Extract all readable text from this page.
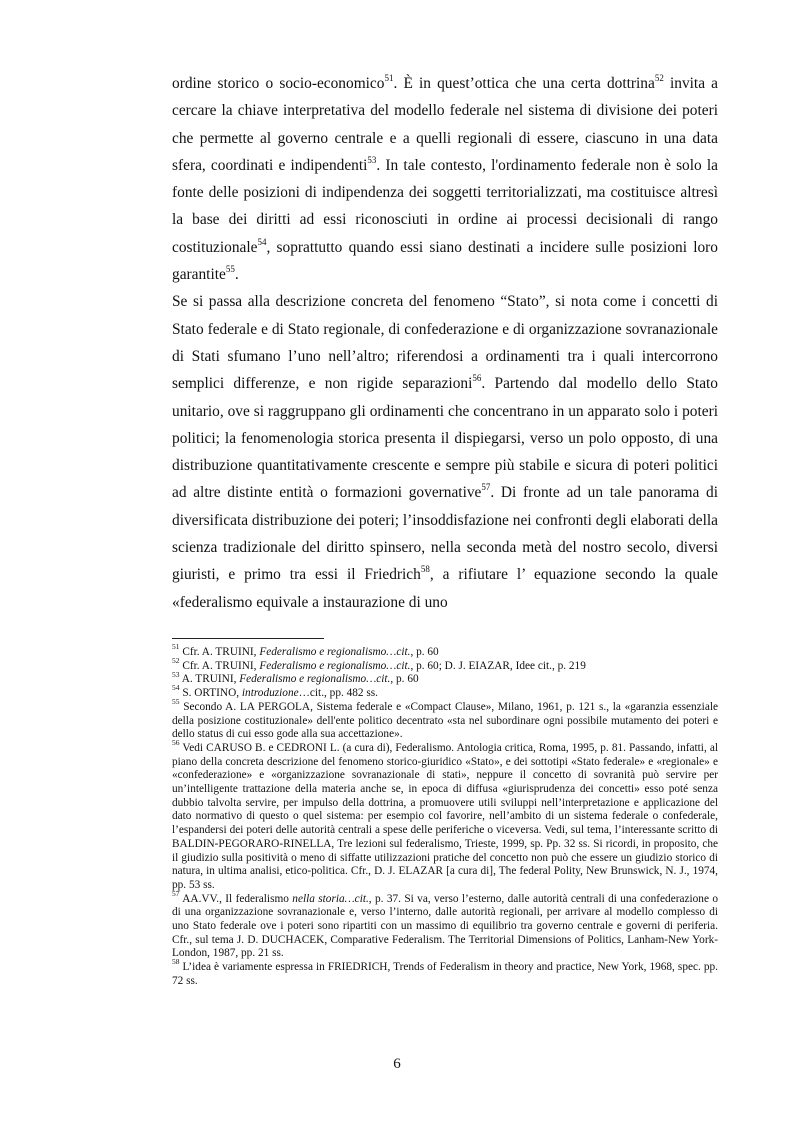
ordine storico o socio-economico$^{51}$. È in quest’ottica che una certa dottrina$^{52}$ invita a cercare la chiave interpretativa del modello federale nel sistema di divisione dei poteri che permette al governo centrale e a quelli regionali di essere, ciascuno in una data sfera, coordinati e indipendenti$^{53}$. In tale contesto, l'ordinamento federale non è solo la fonte delle posizioni di indipendenza dei soggetti territorializzati, ma costituisce altresì la base dei diritti ad essi riconosciuti in ordine ai processi decisionali di rango costituzionale$^{54}$, soprattutto quando essi siano destinati a incidere sulle posizioni loro garantite$^{55}$.

Se si passa alla descrizione concreta del fenomeno “Stato”, si nota come i concetti di Stato federale e di Stato regionale, di confederazione e di organizzazione sovranazionale di Stati sfumano l’uno nell’altro; riferendosi a ordinamenti tra i quali intercorrono semplici differenze, e non rigide separazioni$^{56}$. Partendo dal modello dello Stato unitario, ove si raggruppano gli ordinamenti che concentrano in un apparato solo i poteri politici; la fenomenologia storica presenta il dispiegarsi, verso un polo opposto, di una distribuzione quantitativamente crescente e sempre più stabile e sicura di poteri politici ad altre distinte entità o formazioni governative$^{57}$. Di fronte ad un tale panorama di diversificata distribuzione dei poteri; l’insoddisfazione nei confronti degli elaborati della scienza tradizionale del diritto spinsero, nella seconda metà del nostro secolo, diversi giuristi, e primo tra essi il Friedrich$^{58}$, a rifiutare l’ equazione secondo la quale «federalismo equivale a instaurazione di uno

$^{51}$ Cfr. A. TRUINI, Federalismo e regionalismo…cit., p. 60

$^{52}$ Cfr. A. TRUINI, Federalismo e regionalismo…cit., p. 60; D. J. EIAZAR, Idee cit., p. 219

$^{53}$ A. TRUINI, Federalismo e regionalismo…cit., p. 60

$^{54}$ S. ORTINO, introduzione…cit., pp. 482 ss.

$^{55}$ Secondo A. LA PERGOLA, Sistema federale e «Compact Clause», Milano, 1961, p. 121 s., la «garanzia essenziale della posizione costituzionale» dell'ente politico decentrato «sta nel subordinare ogni possibile mutamento dei poteri e dello status di cui esso gode alla sua accettazione».

$^{56}$ Vedi CARUSO B. e CEDRONI L. (a cura di), Federalismo. Antologia critica, Roma, 1995, p. 81. Passando, infatti, al piano della concreta descrizione del fenomeno storico-giuridico «Stato», e dei sottotipi «Stato federale» e «regionale» e «confederazione» e «organizzazione sovranazionale di stati», neppure il concetto di sovranità può servire per un’intelligente trattazione della materia anche se, in epoca di diffusa «giurisprudenza dei concetti» esso poté senza dubbio talvolta servire, per impulso della dottrina, a promuovere utili sviluppi nell’interpretazione e applicazione del dato normativo di questo o quel sistema: per esempio col favorire, nell’ambito di un sistema federale o confederale, l’espandersi dei poteri delle autorità centrali a spese delle periferiche o viceversa. Vedi, sul tema, l’interessante scritto di BALDIN-PEGORARO-RINELLA, Tre lezioni sul federalismo, Trieste, 1999, sp. Pp. 32 ss. Si ricordi, in proposito, che il giudizio sulla positività o meno di siffatte utilizzazioni pratiche del concetto non può che essere un giudizio storico di natura, in ultima analisi, etico-politica. Cfr., D. J. ELAZAR [a cura di], The federal Polity, New Brunswick, N. J., 1974, pp. 53 ss.

$^{57}$ AA.VV., Il federalismo nella storia…cit., p. 37. Si va, verso l’esterno, dalle autorità centrali di una confederazione o di una organizzazione sovranazionale e, verso l’interno, dalle autorità regionali, per arrivare al modello complesso di uno Stato federale ove i poteri sono ripartiti con un massimo di equilibrio tra governo centrale e governi di periferia. Cfr., sul tema J. D. DUCHACEK, Comparative Federalism. The Territorial Dimensions of Politics, Lanham-New York-London, 1987, pp. 21 ss.

$^{58}$ L’idea è variamente espressa in FRIEDRICH, Trends of Federalism in theory and practice, New York, 1968, spec. pp. 72 ss.

6
